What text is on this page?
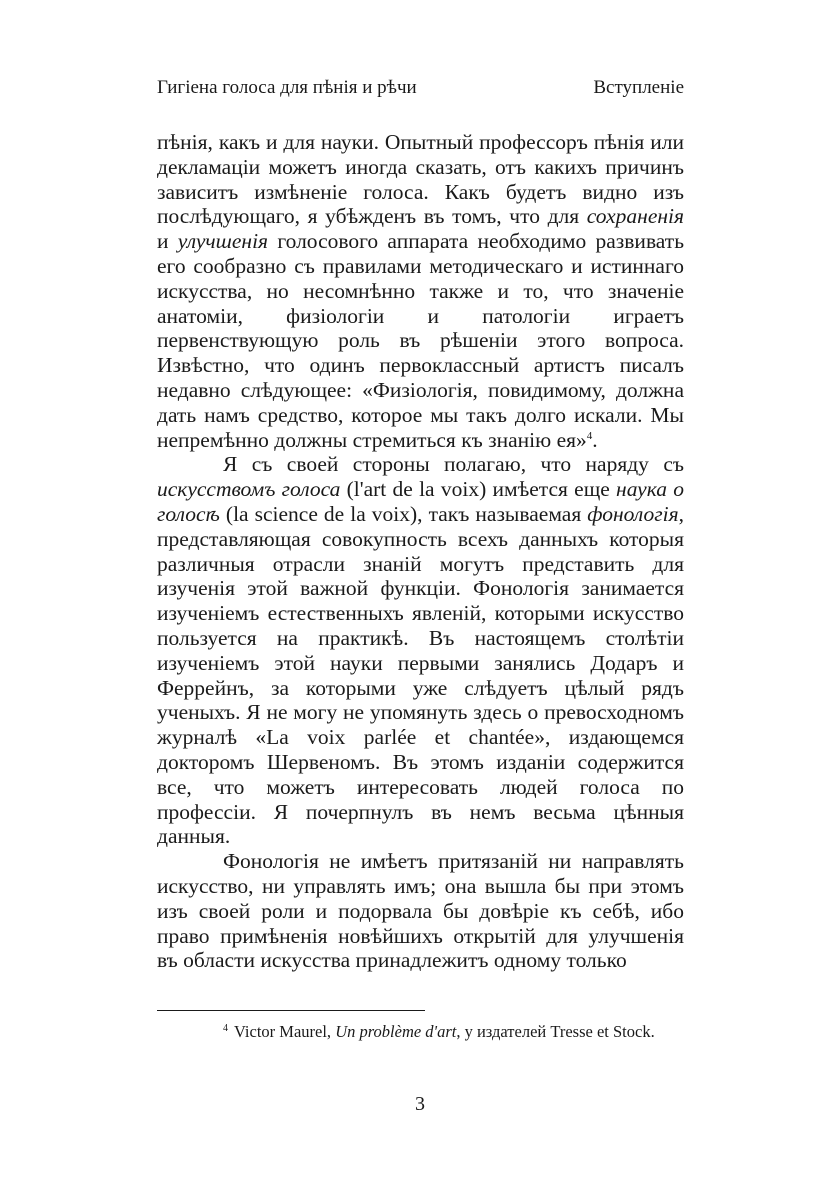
Гигіена голоса для пѣнія и рѣчи	Вступленіе

пѣнія, какъ и для науки. Опытный профессоръ пѣнія или декламаціи можетъ иногда сказать, отъ какихъ причинъ зависитъ измѣненіе голоса. Какъ будетъ видно изъ послѣдующаго, я убѣжденъ въ томъ, что для сохраненія и улучшенія голосового аппарата необходимо развивать его сообразно съ правилами методическаго и истиннаго искусства, но несомнѣнно также и то, что значеніе анатоміи, физіологіи и патологіи играетъ первенствующую роль въ рѣшеніи этого вопроса. Извѣстно, что одинъ первоклассный артистъ писалъ недавно слѣдующее: «Физіологія, повидимому, должна дать намъ средство, которое мы такъ долго искали. Мы непремѣнно должны стремиться къ знанію ея»$^4$.

Я съ своей стороны полагаю, что наряду съ искусствомъ голоса (l'art de la voix) имѣется еще наука о голосѣ (la science de la voix), такъ называемая фонологія, представляющая совокупность всехъ данныхъ которыя различныя отрасли знаній могутъ представить для изученія этой важной функціи. Фонологія занимается изученіемъ естественныхъ явленій, которыми искусство пользуется на практикѣ. Въ настоящемъ столѣтіи изученіемъ этой науки первыми занялись Додаръ и Феррейнъ, за которыми уже слѣдуетъ цѣлый рядъ ученыхъ. Я не могу не упомянуть здесь о превосходномъ журналѣ «La voix parlée et chantée», издающемся докторомъ Шервеномъ. Въ этомъ изданіи содержится все, что можетъ интересовать людей голоса по профессіи. Я почерпнулъ въ немъ весьма цѣнныя данныя.

Фонологія не имѣетъ притязаній ни направлять искусство, ни управлять имъ; она вышла бы при этомъ изъ своей роли и подорвала бы довѣріе къ себѣ, ибо право примѣненія новѣйшихъ открытій для улучшенія въ области искусства принадлежитъ одному только

$^4$ Victor Maurel, Un problème d'art, у издателей Tresse et Stock.
3
